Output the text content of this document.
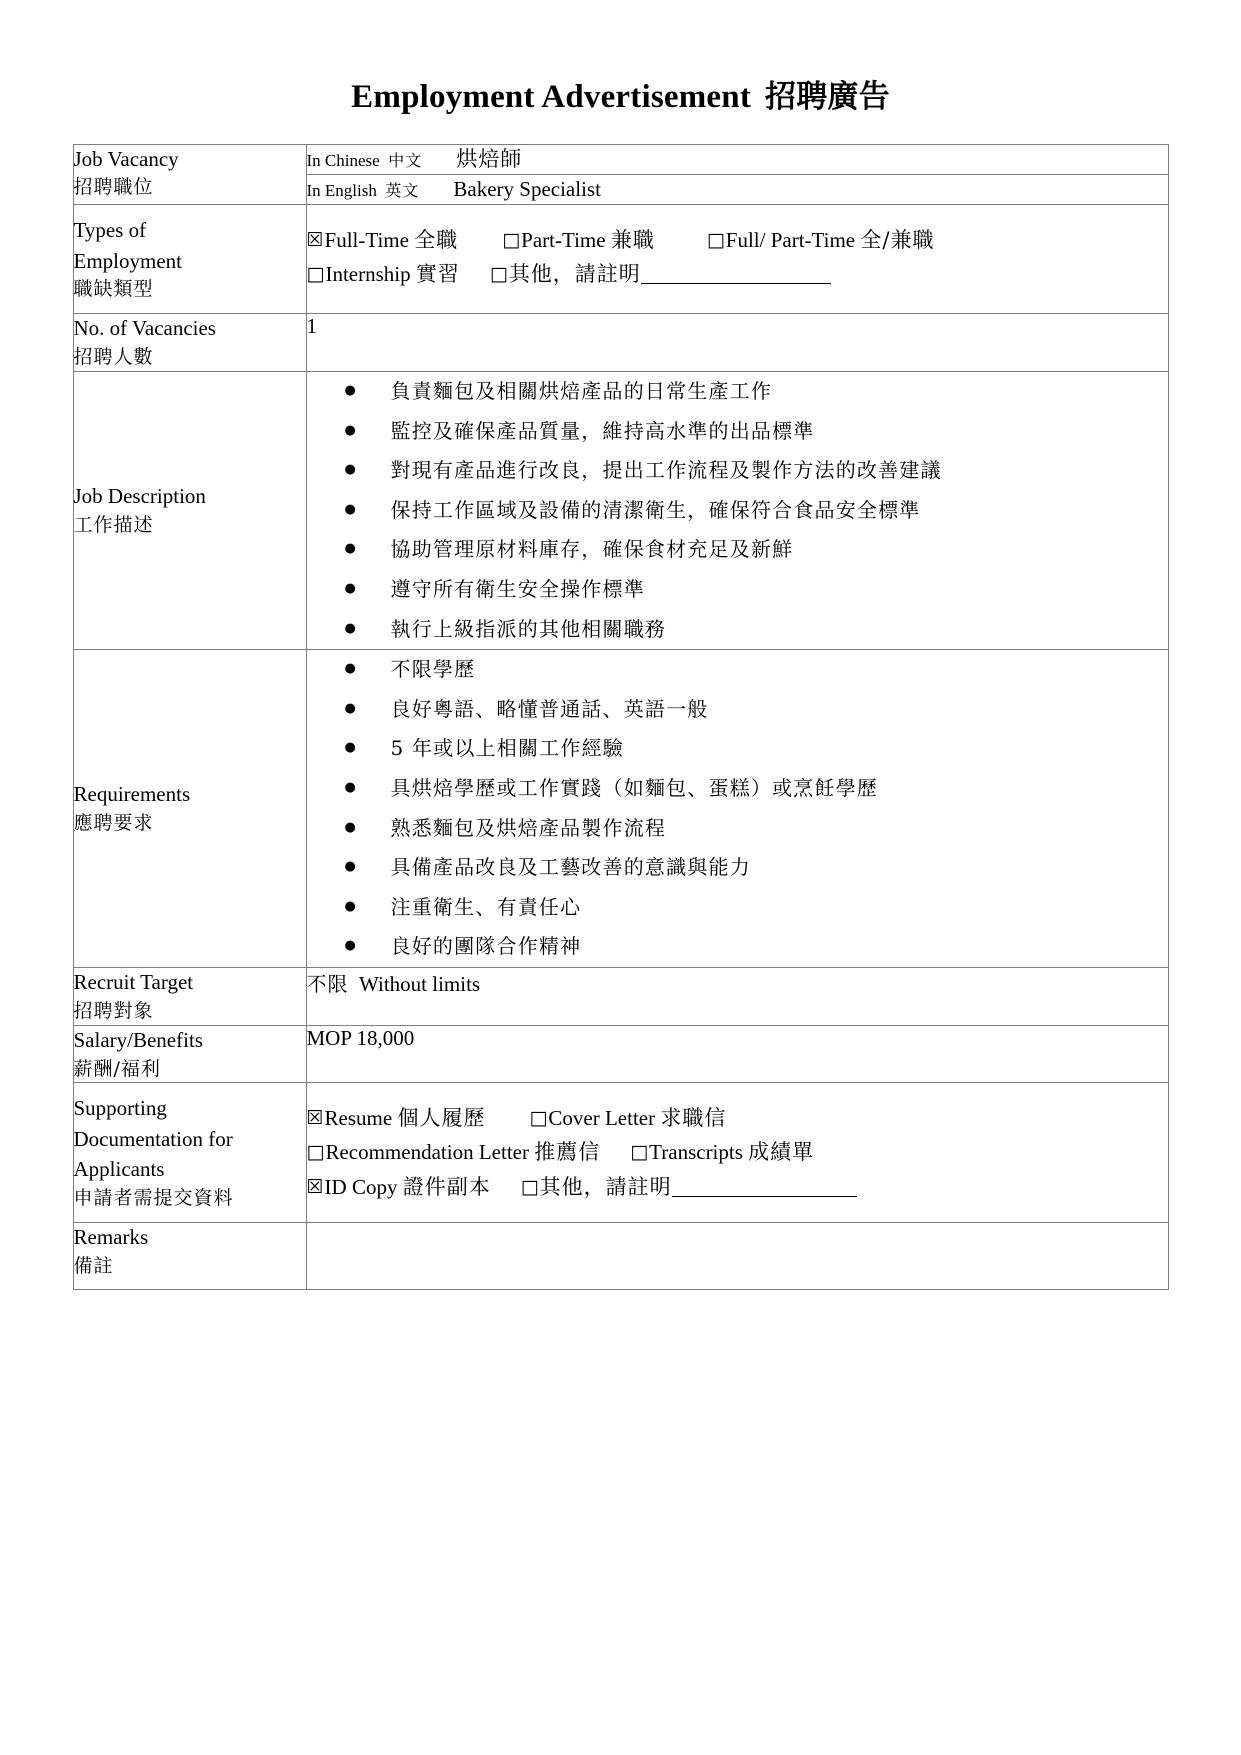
Employment Advertisement 招聘廣告
Job Vacancy
招聘職位

In Chinese 中文 烘焙師
In English 英文 Bakery Specialist

Types of
Employment
職缺類型

☒Full-Time 全職 □Part-Time 兼職	□Full/ Part-Time 全/兼職
□Internship 實習 □其他，請註明

No. of Vacancies
招聘人數
	1

Job Description
工作描述

● 負責麵包及相關烘焙產品的日常生產工作
● 監控及確保產品質量，維持高水準的出品標準
● 對現有產品進行改良，提出工作流程及製作方法的改善建議
● 保持工作區域及設備的清潔衛生，確保符合食品安全標準
● 協助管理原材料庫存，確保食材充足及新鮮
● 遵守所有衛生安全操作標準
● 執行上級指派的其他相關職務

Requirements
應聘要求

● 不限學歷
● 良好粵語、略懂普通話、英語一般
● 5 年或以上相關工作經驗
● 具烘焙學歷或工作實踐（如麵包、蛋糕）或烹飪學歷
● 熟悉麵包及烘焙產品製作流程
● 具備產品改良及工藝改善的意識與能力
● 注重衛生、有責任心
● 良好的團隊合作精神

Recruit Target
招聘對象
	不限 Without limits

Salary/Benefits
薪酬/福利
	MOP 18,000

Supporting
Documentation for
Applicants
申請者需提交資料

☒Resume 個人履歷 □Cover Letter 求職信
□Recommendation Letter 推薦信 □Transcripts 成績單
☒ID Copy 證件副本 □其他，請註明

Remarks
備註
